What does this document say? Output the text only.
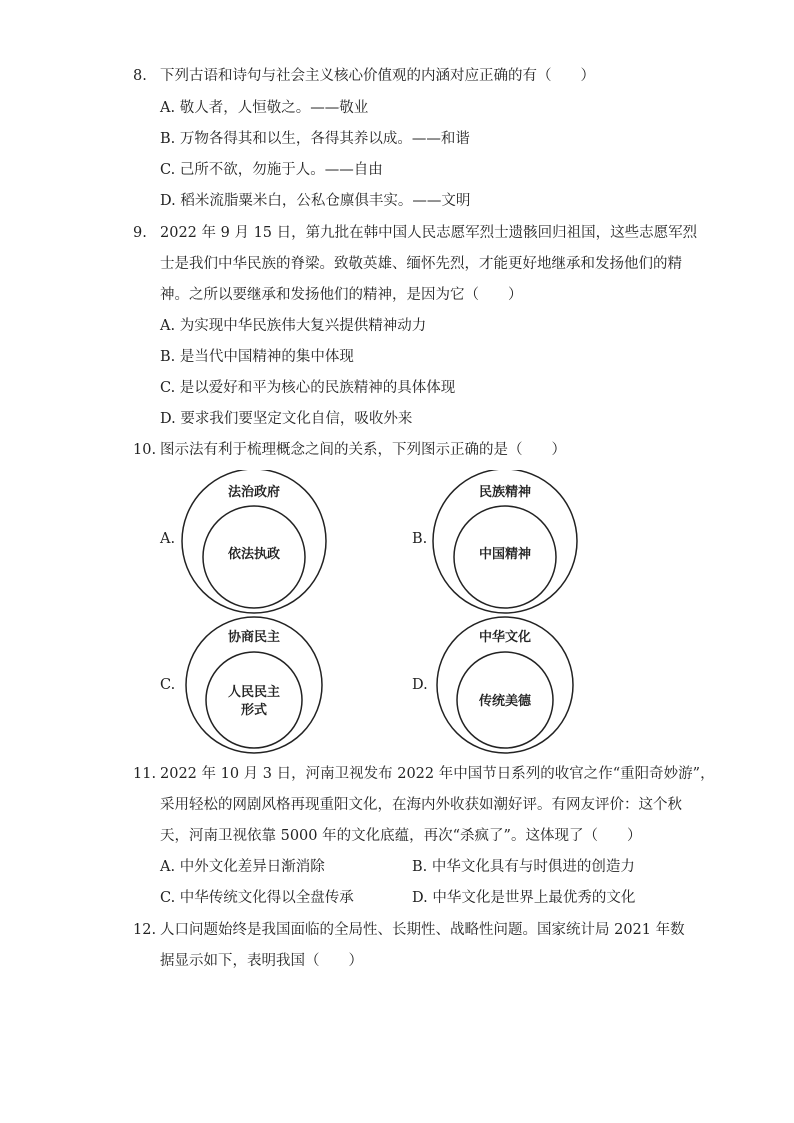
8. 下列古语和诗句与社会主义核心价值观的内涵对应正确的有（　　）
A. 敬人者，人恒敬之。——敬业
B. 万物各得其和以生，各得其养以成。——和谐
C. 己所不欲，勿施于人。——自由
D. 稻米流脂粟米白，公私仓廪俱丰实。——文明
9. 2022 年 9 月 15 日，第九批在韩中国人民志愿军烈士遗骸回归祖国，这些志愿军烈
士是我们中华民族的脊梁。致敬英雄、缅怀先烈，才能更好地继承和发扬他们的精
神。之所以要继承和发扬他们的精神，是因为它（　　）
A. 为实现中华民族伟大复兴提供精神动力
B. 是当代中国精神的集中体现
C. 是以爱好和平为核心的民族精神的具体体现
D. 要求我们要坚定文化自信，吸收外来
10. 图示法有利于梳理概念之间的关系，下列图示正确的是（　　）
A.
法治政府
依法执政
B.
民族精神
中国精神
C.
协商民主
人民民主
形式
D.
中华文化
传统美德
11. 2022 年 10 月 3 日，河南卫视发布 2022 年中国节日系列的收官之作“重阳奇妙游”，
采用轻松的网剧风格再现重阳文化，在海内外收获如潮好评。有网友评价：这个秋
天，河南卫视依靠 5000 年的文化底蕴，再次“杀疯了”。这体现了（　　）
A. 中外文化差异日渐消除	B. 中华文化具有与时俱进的创造力
C. 中华传统文化得以全盘传承	D. 中华文化是世界上最优秀的文化
12. 人口问题始终是我国面临的全局性、长期性、战略性问题。国家统计局 2021 年数
据显示如下，表明我国（　　）
